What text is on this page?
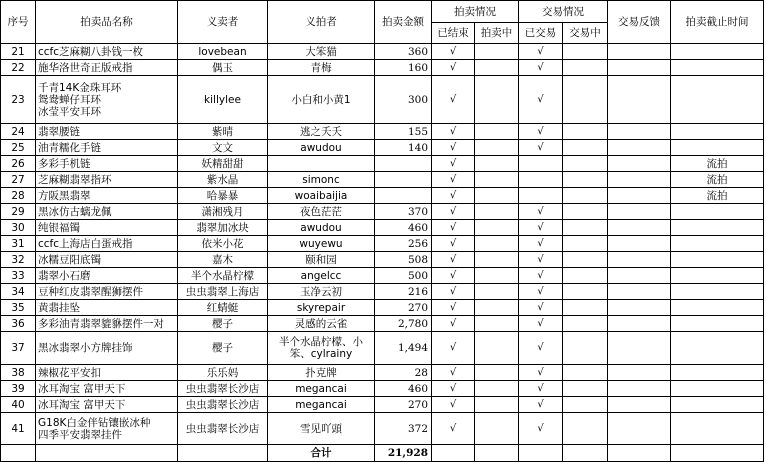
序号	拍卖品名称	义卖者	义拍者	拍卖金额	拍卖情况		交易情况		交易反馈	拍卖截止时间
					已结束	拍卖中	已交易	交易中		
21	ccfc芝麻糊八卦钱一枚	lovebean	大笨猫	360	√		√			
22	施华洛世奇正版戒指	偶玉	青梅	160	√		√			
23	千青14K金珠耳环
鸳鸯蝉仔耳环
冰莹平安耳环	killylee	小白和小黄1	300	√		√			
24	翡翠腰链	紫晴	逃之夭夭	155	√		√			
25	油青糯化手链	文文	awudou	140	√		√			
26	多彩手机链	妖精甜甜			√					流拍
27	芝麻糊翡翠指环	紫水晶	simonc		√					流拍
28	方阪黑翡翠	哈暴暴	woaibaijia		√					流拍
29	黑冰仿古螭龙佩	潇湘残月	夜色茫茫	370	√		√			
30	纯银福镯	翡翠加冰块	awudou	460	√		√			
31	ccfc上海店白蛋戒指	依米小花	wuyewu	256	√		√			
32	冰糯豆阳底镯	嘉木	颐和园	508	√		√			
33	翡翠小石磨	半个水晶柠檬	angelcc	500	√		√			
34	豆种红皮翡翠醒狮摆件	虫虫翡翠上海店	玉净云初	216	√		√			
35	黄翡挂坠	红蜻蜓	skyrepair	270	√		√			
36	多彩油青翡翠貔貅摆件一对	樱子	灵感的云雀	2,780	√		√			
37	黑冰翡翠小方牌挂饰	樱子	半个水晶柠檬、小
笨、cylrainy	1,494	√		√			
38	辣椒花平安扣	乐乐妈	扑克牌	28	√		√			
39	冰耳淘宝 富甲天下	虫虫翡翠长沙店	megancai	460	√		√			
40	冰耳淘宝 富甲天下	虫虫翡翠长沙店	megancai	270	√		√			
41	G18K白金伴钻镶嵌冰种
四季平安翡翠挂件	虫虫翡翠长沙店	雪见吖頭	372	√		√			
			合计	21,928						
